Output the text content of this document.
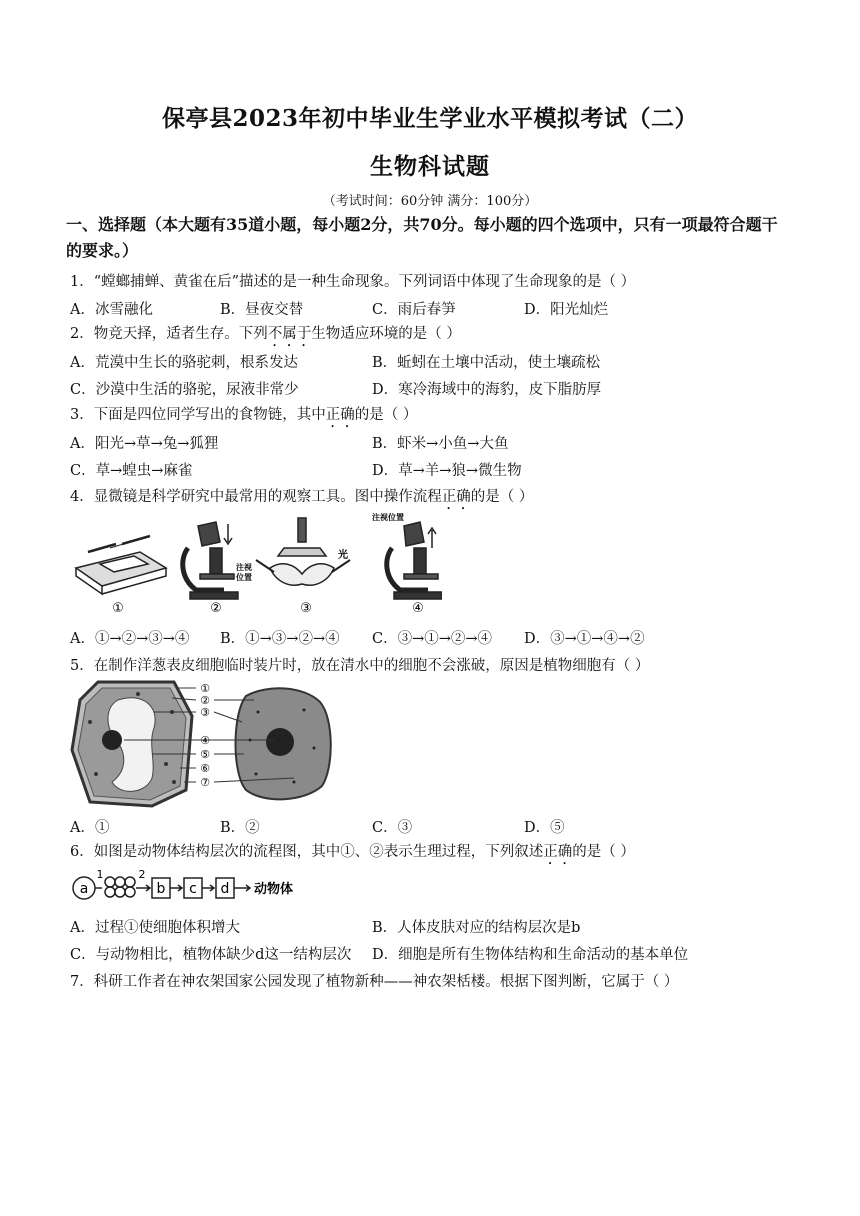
保亭县2023年初中毕业生学业水平模拟考试（二）
生物科试题
（考试时间：60分钟 满分：100分）
一、选择题（本大题有35道小题，每小题2分，共70分。每小题的四个选项中，只有一项最符合题干的要求。）
1．“螳螂捕蝉、黄雀在后”描述的是一种生命现象。下列词语中体现了生命现象的是（ ）
A．冰雪融化	B．昼夜交替	C．雨后春笋	D．阳光灿烂
2．物竞天择，适者生存。下列不属于生物适应环境的是（ ）
A．荒漠中生长的骆驼刺，根系发达	B．蚯蚓在土壤中活动，使土壤疏松
C．沙漠中生活的骆驼，尿液非常少	D．寒冷海域中的海豹，皮下脂肪厚
3．下面是四位同学写出的食物链，其中正确的是（ ）
A．阳光→草→兔→狐狸	B．虾米→小鱼→大鱼
C．草→蝗虫→麻雀	D．草→羊→狼→微生物
4．显微镜是科学研究中最常用的观察工具。图中操作流程正确的是（ ）
注视
位置
光
注视位置
①	②	③	④
A．①→②→③→④ B．①→③→②→④ C．③→①→②→④ D．③→①→④→②
5．在制作洋葱表皮细胞临时装片时，放在清水中的细胞不会涨破，原因是植物细胞有（ ）
①
②
③
④
⑤
⑥
⑦
A．①	B．②	C．③	D．⑤
6．如图是动物体结构层次的流程图，其中①、②表示生理过程，下列叙述正确的是（ ）
a
1	2
b c d 动物体
A．过程①使细胞体积增大	B．人体皮肤对应的结构层次是b
C．与动物相比，植物体缺少d这一结构层次 D．细胞是所有生物体结构和生命活动的基本单位
7．科研工作者在神农架国家公园发现了植物新种——神农架栝楼。根据下图判断，它属于（ ）
